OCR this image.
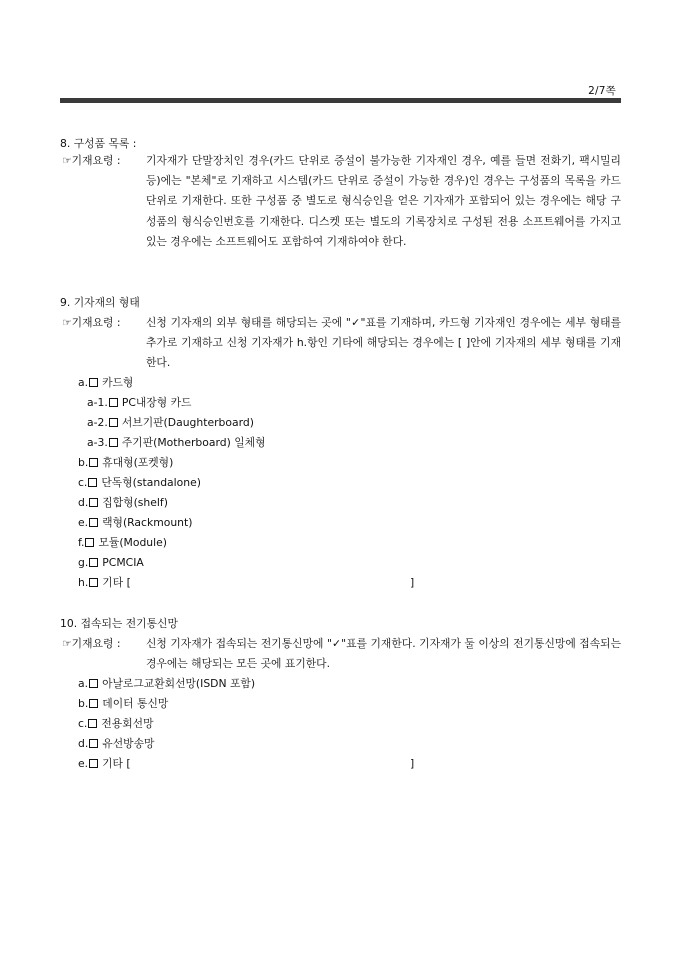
2/7쪽
8. 구성품 목록 :
☞기재요령 : 기자재가 단말장치인 경우(카드 단위로 증설이 불가능한 기자재인 경우, 예를 들면 전화기, 팩시밀리 등)에는 "본체"로 기재하고 시스템(카드 단위로 증설이 가능한 경우)인 경우는 구성품의 목록을 카드 단위로 기재한다. 또한 구성품 중 별도로 형식승인을 얻은 기자재가 포함되어 있는 경우에는 해당 구성품의 형식승인번호를 기재한다. 디스켓 또는 별도의 기록장치로 구성된 전용 소프트웨어를 가지고 있는 경우에는 소프트웨어도 포함하여 기재하여야 한다.
9. 기자재의 형태
☞기재요령 : 신청 기자재의 외부 형태를 해당되는 곳에 "✓"표를 기재하며, 카드형 기자재인 경우에는 세부 형태를 추가로 기재하고 신청 기자재가 h.항인 기타에 해당되는 경우에는 [ ]안에 기자재의 세부 형태를 기재한다.
a. 카드형
a-1. PC내장형 카드
a-2. 서브기판(Daughterboard)
a-3. 주기판(Motherboard) 일체형
b. 휴대형(포켓형)
c. 단독형(standalone)
d. 집합형(shelf)
e. 랙형(Rackmount)
f. 모듈(Module)
g. PCMCIA
h. 기타 [	]
10. 접속되는 전기통신망
☞기재요령 : 신청 기자재가 접속되는 전기통신망에 "✓"표를 기재한다. 기자재가 둘 이상의 전기통신망에 접속되는 경우에는 해당되는 모든 곳에 표기한다.
a. 아날로그교환회선망(ISDN 포함)
b. 데이터 통신망
c. 전용회선망
d. 유선방송망
e. 기타 [	]
